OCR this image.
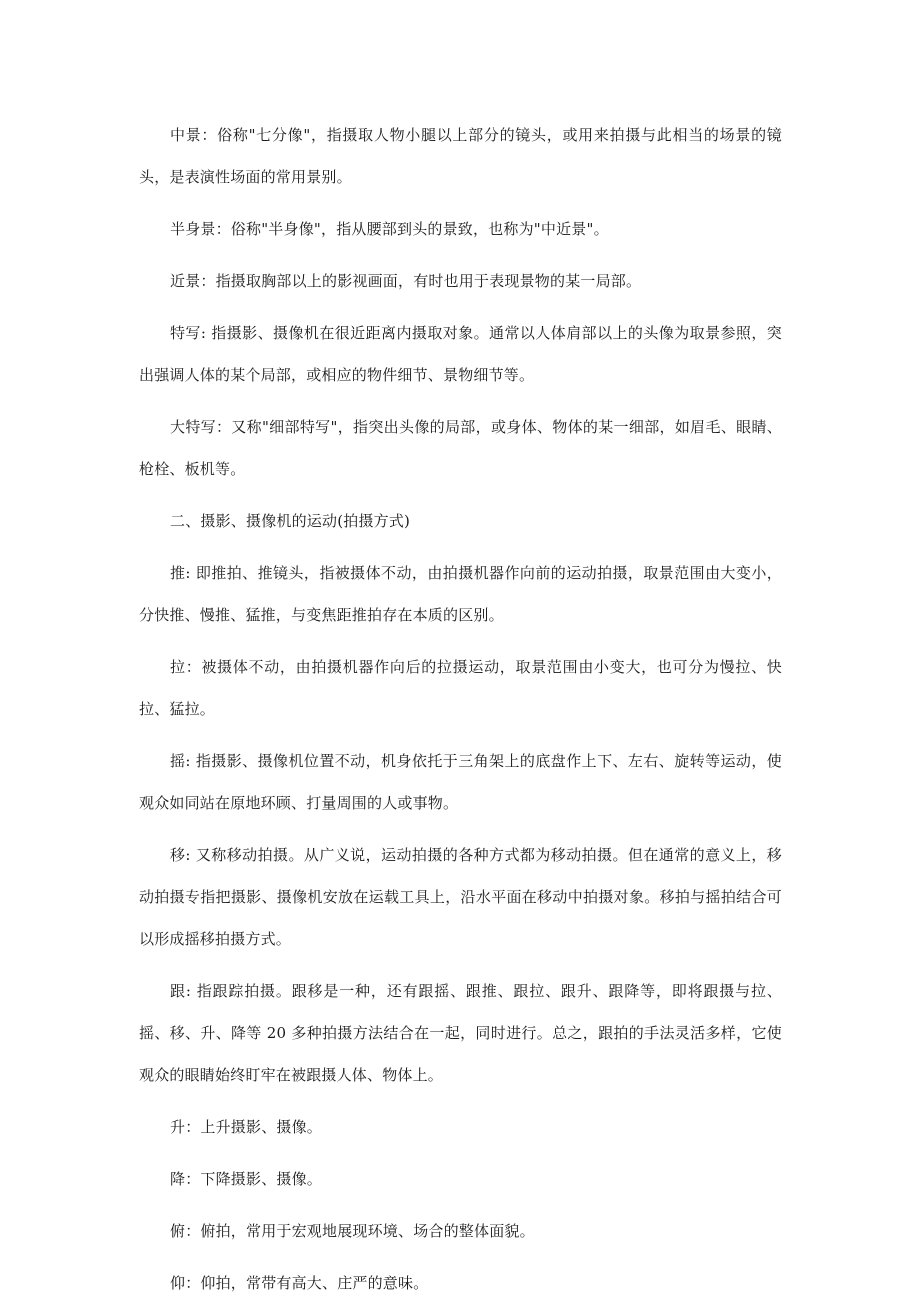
中景：俗称"七分像"，指摄取人物小腿以上部分的镜头，或用来拍摄与此相当的场景的镜头，是表演性场面的常用景别。

半身景：俗称"半身像"，指从腰部到头的景致，也称为"中近景"。

近景：指摄取胸部以上的影视画面，有时也用于表现景物的某一局部。

特写: 指摄影、摄像机在很近距离内摄取对象。通常以人体肩部以上的头像为取景参照，突出强调人体的某个局部，或相应的物件细节、景物细节等。

大特写：又称"细部特写"，指突出头像的局部，或身体、物体的某一细部，如眉毛、眼睛、枪栓、板机等。

二、摄影、摄像机的运动(拍摄方式)

推: 即推拍、推镜头，指被摄体不动，由拍摄机器作向前的运动拍摄，取景范围由大变小，分快推、慢推、猛推，与变焦距推拍存在本质的区别。

拉：被摄体不动，由拍摄机器作向后的拉摄运动，取景范围由小变大，也可分为慢拉、快拉、猛拉。

摇: 指摄影、摄像机位置不动，机身依托于三角架上的底盘作上下、左右、旋转等运动，使观众如同站在原地环顾、打量周围的人或事物。

移: 又称移动拍摄。从广义说，运动拍摄的各种方式都为移动拍摄。但在通常的意义上，移动拍摄专指把摄影、摄像机安放在运载工具上，沿水平面在移动中拍摄对象。移拍与摇拍结合可以形成摇移拍摄方式。

跟: 指跟踪拍摄。跟移是一种，还有跟摇、跟推、跟拉、跟升、跟降等，即将跟摄与拉、摇、移、升、降等 20 多种拍摄方法结合在一起，同时进行。总之，跟拍的手法灵活多样，它使观众的眼睛始终盯牢在被跟摄人体、物体上。

升：上升摄影、摄像。

降：下降摄影、摄像。

俯：俯拍，常用于宏观地展现环境、场合的整体面貌。

仰：仰拍，常带有高大、庄严的意味。
